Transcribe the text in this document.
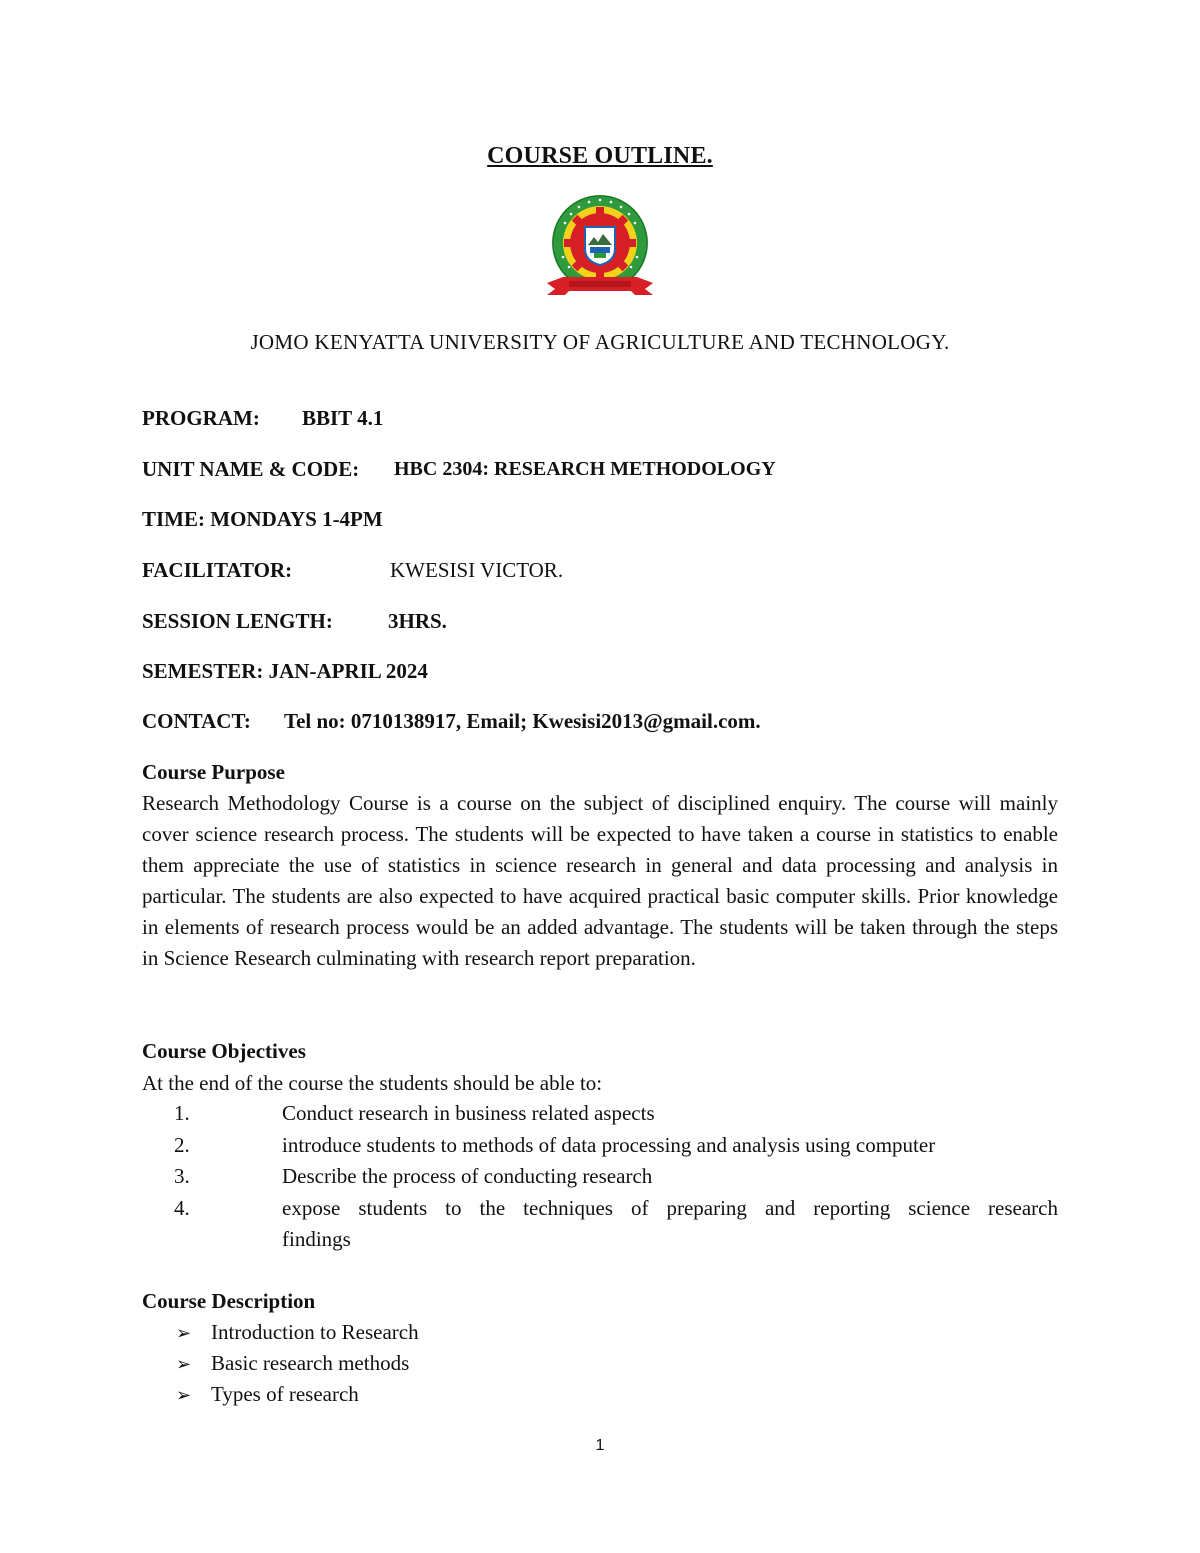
COURSE OUTLINE.
JOMO KENYATTA UNIVERSITY OF AGRICULTURE AND TECHNOLOGY.
PROGRAM: BBIT 4.1
UNIT NAME & CODE: HBC 2304: RESEARCH METHODOLOGY
TIME: MONDAYS 1-4PM
FACILITATOR:	KWESISI VICTOR.
SESSION LENGTH:	3HRS.
SEMESTER: JAN-APRIL 2024
CONTACT: Tel no: 0710138917, Email; Kwesisi2013@gmail.com.
Course Purpose

Research Methodology Course is a course on the subject of disciplined enquiry. The course will mainly cover science research process. The students will be expected to have taken a course in statistics to enable them appreciate the use of statistics in science research in general and data processing and analysis in particular. The students are also expected to have acquired practical basic computer skills. Prior knowledge in elements of research process would be an added advantage. The students will be taken through the steps in Science Research culminating with research report preparation.

Course Objectives
At the end of the course the students should be able to:
1.	Conduct research in business related aspects
2.	introduce students to methods of data processing and analysis using computer
3.	Describe the process of conducting research
4.	expose students to the techniques of preparing and reporting science research
findings
Course Description
➢ Introduction to Research
➢ Basic research methods
➢ Types of research
1
